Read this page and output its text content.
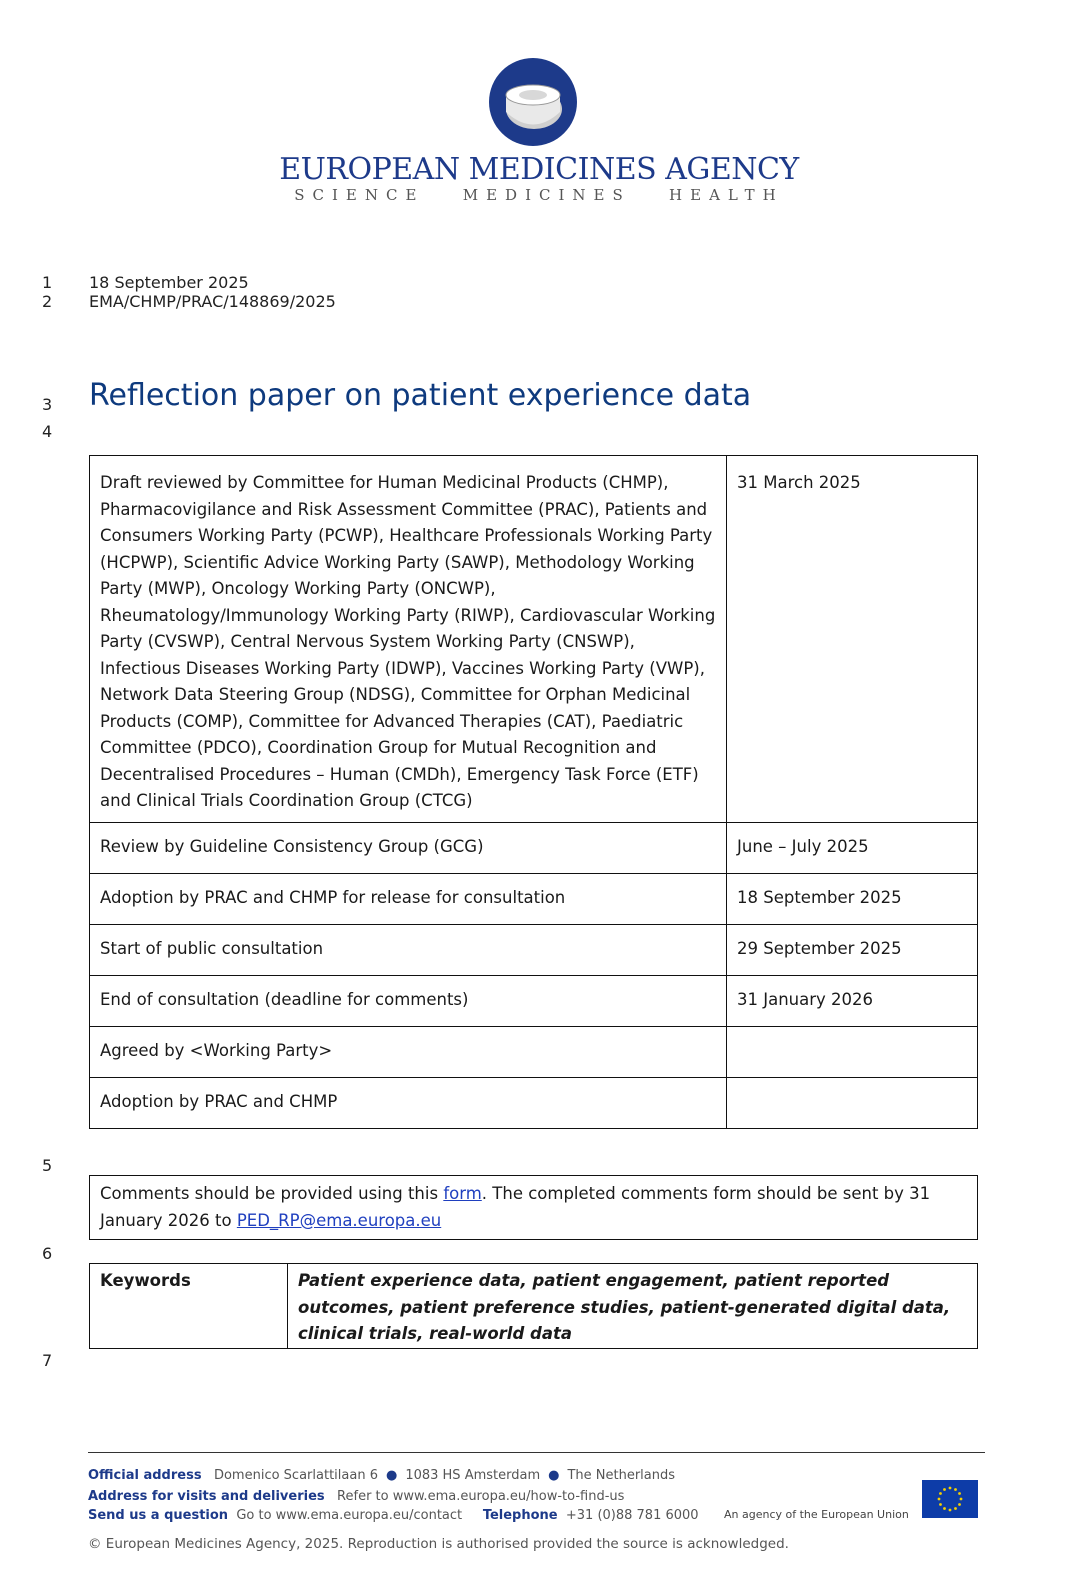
EUROPEAN MEDICINES AGENCY
SCIENCE   MEDICINES   HEALTH
1
2
3
4
5
6
7
18 September 2025
EMA/CHMP/PRAC/148869/2025
Reflection paper on patient experience data
Draft reviewed by Committee for Human Medicinal Products (CHMP), Pharmacovigilance and Risk Assessment Committee (PRAC), Patients and Consumers Working Party (PCWP), Healthcare Professionals Working Party (HCPWP), Scientific Advice Working Party (SAWP), Methodology Working Party (MWP), Oncology Working Party (ONCWP), Rheumatology/Immunology Working Party (RIWP), Cardiovascular Working Party (CVSWP), Central Nervous System Working Party (CNSWP), Infectious Diseases Working Party (IDWP), Vaccines Working Party (VWP), Network Data Steering Group (NDSG), Committee for Orphan Medicinal Products (COMP), Committee for Advanced Therapies (CAT), Paediatric Committee (PDCO), Coordination Group for Mutual Recognition and Decentralised Procedures – Human (CMDh), Emergency Task Force (ETF) and Clinical Trials Coordination Group (CTCG)	31 March 2025
Review by Guideline Consistency Group (GCG)	June – July 2025
Adoption by PRAC and CHMP for release for consultation	18 September 2025
Start of public consultation	29 September 2025
End of consultation (deadline for comments)	31 January 2026
Agreed by <Working Party>	
Adoption by PRAC and CHMP	
Comments should be provided using this form. The completed comments form should be sent by 31 January 2026 to PED_RP@ema.europa.eu
Keywords	Patient experience data, patient engagement, patient reported outcomes, patient preference studies, patient-generated digital data, clinical trials, real-world data
Official address Domenico Scarlattilaan 6 ● 1083 HS Amsterdam ● The Netherlands
Address for visits and deliveries Refer to www.ema.europa.eu/how-to-find-us
Send us a question Go to www.ema.europa.eu/contact Telephone +31 (0)88 781 6000 An agency of the European Union
© European Medicines Agency, 2025. Reproduction is authorised provided the source is acknowledged.
